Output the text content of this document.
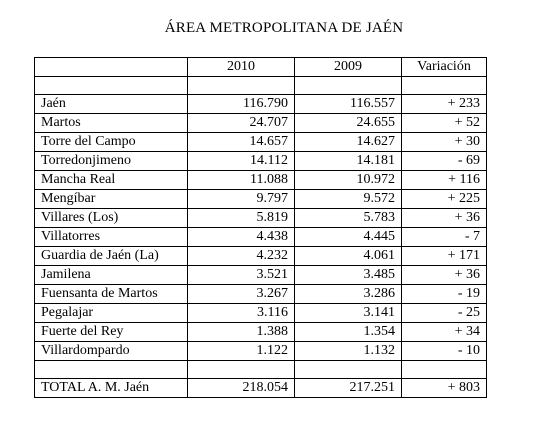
ÁREA METROPOLITANA DE JAÉN
	2010	2009	Variación

Jaén	116.790	116.557	+ 233
Martos	24.707	24.655	+ 52
Torre del Campo	14.657	14.627	+ 30
Torredonjimeno	14.112	14.181	- 69
Mancha Real	11.088	10.972	+ 116
Mengíbar	9.797	9.572	+ 225
Villares (Los)	5.819	5.783	+ 36
Villatorres	4.438	4.445	- 7
Guardia de Jaén (La)	4.232	4.061	+ 171
Jamilena	3.521	3.485	+ 36
Fuensanta de Martos	3.267	3.286	- 19
Pegalajar	3.116	3.141	- 25
Fuerte del Rey	1.388	1.354	+ 34
Villardompardo	1.122	1.132	- 10

TOTAL A. M. Jaén	218.054	217.251	+ 803
